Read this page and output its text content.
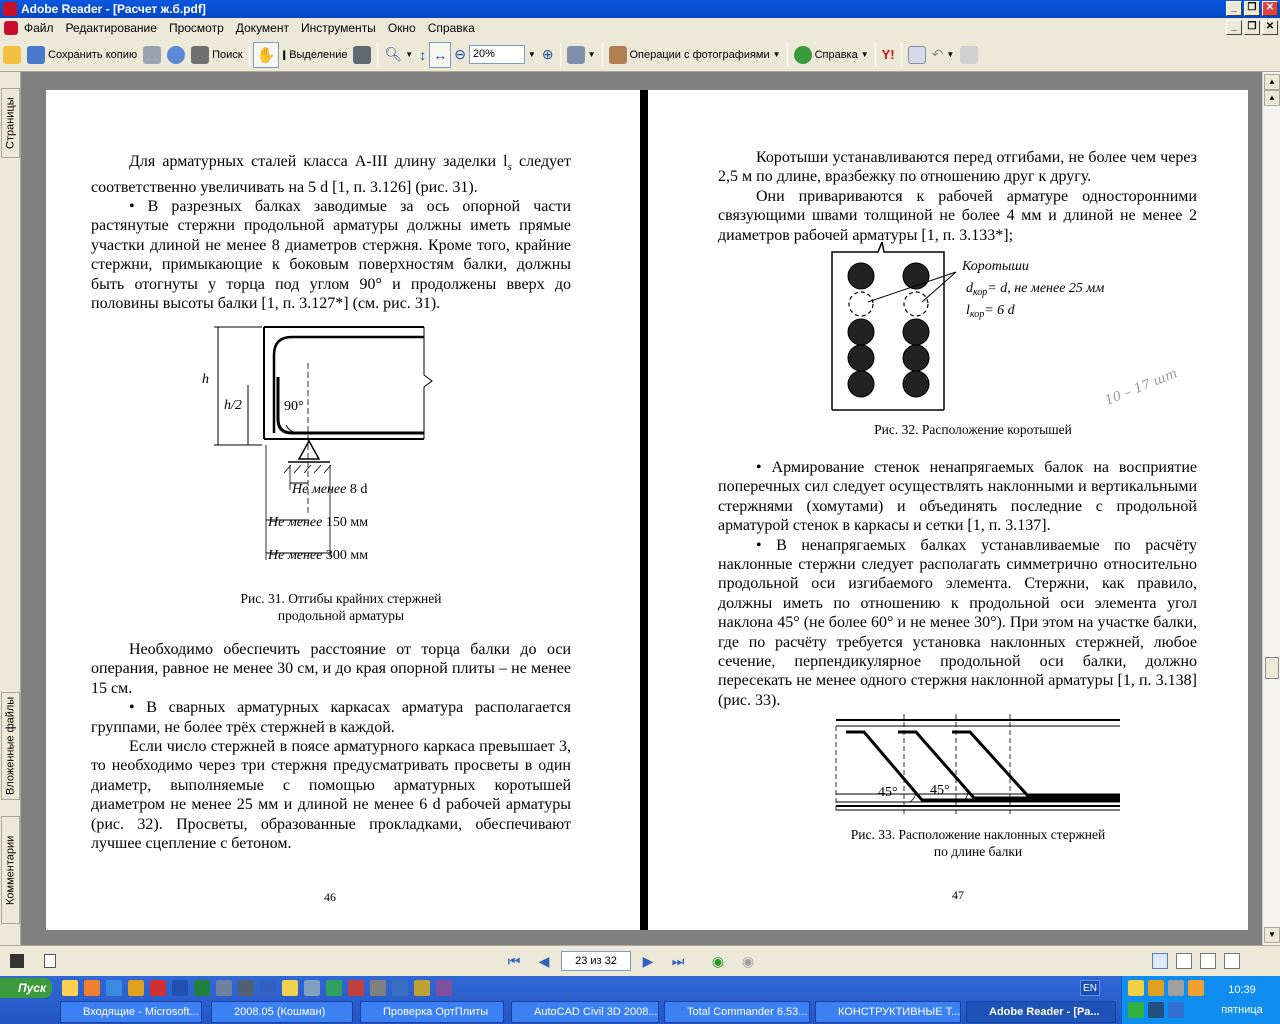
Adobe Reader - [Расчет ж.б.pdf]	_	❐ ✕
Файл	Редактирование	Просмотр	Документ	Инструменты	Окно	Справка	_	❐ ✕
Сохранить копию	Поиск ✋ I Выделение	🔍︎ ▼ ↕ ↔ ⊖ 20%	▼ ⊕	▼	Операции с фотографиями ▼	Справка ▼ Y!	↶ ▼
Страницы
Вложенные файлы
Комментарии

Для арматурных сталей класса А-III длину заделки $l_s$ следует соответственно увеличивать на 5 d [1, п. 3.126] (рис. 31).

• В разрезных балках заводимые за ось опорной части растянутые стержни продольной арматуры должны иметь прямые участки длиной не менее 8 диаметров стержня. Кроме того, крайние стержни, примыкающие к боковым поверхностям балки, должны быть отогнуты у торца под углом 90° и продолжены вверх до половины высоты балки [1, п. 3.127*] (см. рис. 31).

h
h/2	90°
Не менее 8 d
Не менее 150 мм
Не менее 300 мм
Рис. 31. Отгибы крайних стержней
продольной арматуры

Необходимо обеспечить расстояние от торца балки до оси операния, равное не менее 30 см, и до края опорной плиты – не менее 15 см.

• В сварных арматурных каркасах арматура располагается группами, не более трёх стержней в каждой.

Если число стержней в поясе арматурного каркаса превышает 3, то необходимо через три стержня предусматривать просветы в один диаметр, выполняемые с помощью арматурных коротышей диаметром не менее 25 мм и длиной не менее 6 d рабочей арматуры (рис. 32). Просветы, образованные прокладками, обеспечивают лучшее сцепление с бетоном.

46

Коротыши устанавливаются перед отгибами, не более чем через 2,5 м по длине, вразбежку по отношению друг к другу.

Они привариваются к рабочей арматуре односторонними связующими швами толщиной не более 4 мм и длиной не менее 2 диаметров рабочей арматуры [1, п. 3.133*];

Коротыши
$d_{кор}= d$, не менее 25 мм
$l_{кор}= 6$ d
10 – 17 шт
Рис. 32. Расположение коротышей

• Армирование стенок ненапрягаемых балок на восприятие поперечных сил следует осуществлять наклонными и вертикальными стержнями (хомутами) и объединять последние с продольной арматурой стенок в каркасы и сетки [1, п. 3.137].

• В ненапрягаемых балках устанавливаемые по расчёту наклонные стержни следует располагать симметрично относительно продольной оси изгибаемого элемента. Стержни, как правило, должны иметь по отношению к продольной оси элемента угол наклона 45° (не более 60° и не менее 30°). При этом на участке балки, где по расчёту требуется установка наклонных стержней, любое сечение, перпендикулярное продольной оси балки, должно пересекать не менее одного стержня наклонной арматуры [1, п. 3.138] (рис. 33).

45° 45°
Рис. 33. Расположение наклонных стержней
по длине балки
47
▲
▲
▼
⏮	◀	23 из 32	▶	⏭	◉	◉
Пуск
Входящие - Microsoft...	2008.05 (Кошман)	Проверка ОртПлиты	AutoCAD Civil 3D 2008...	Total Commander 6.53...	КОНСТРУКТИВНЫЕ Т...	Adobe Reader - [Ра...
EN	10:39
пятница
